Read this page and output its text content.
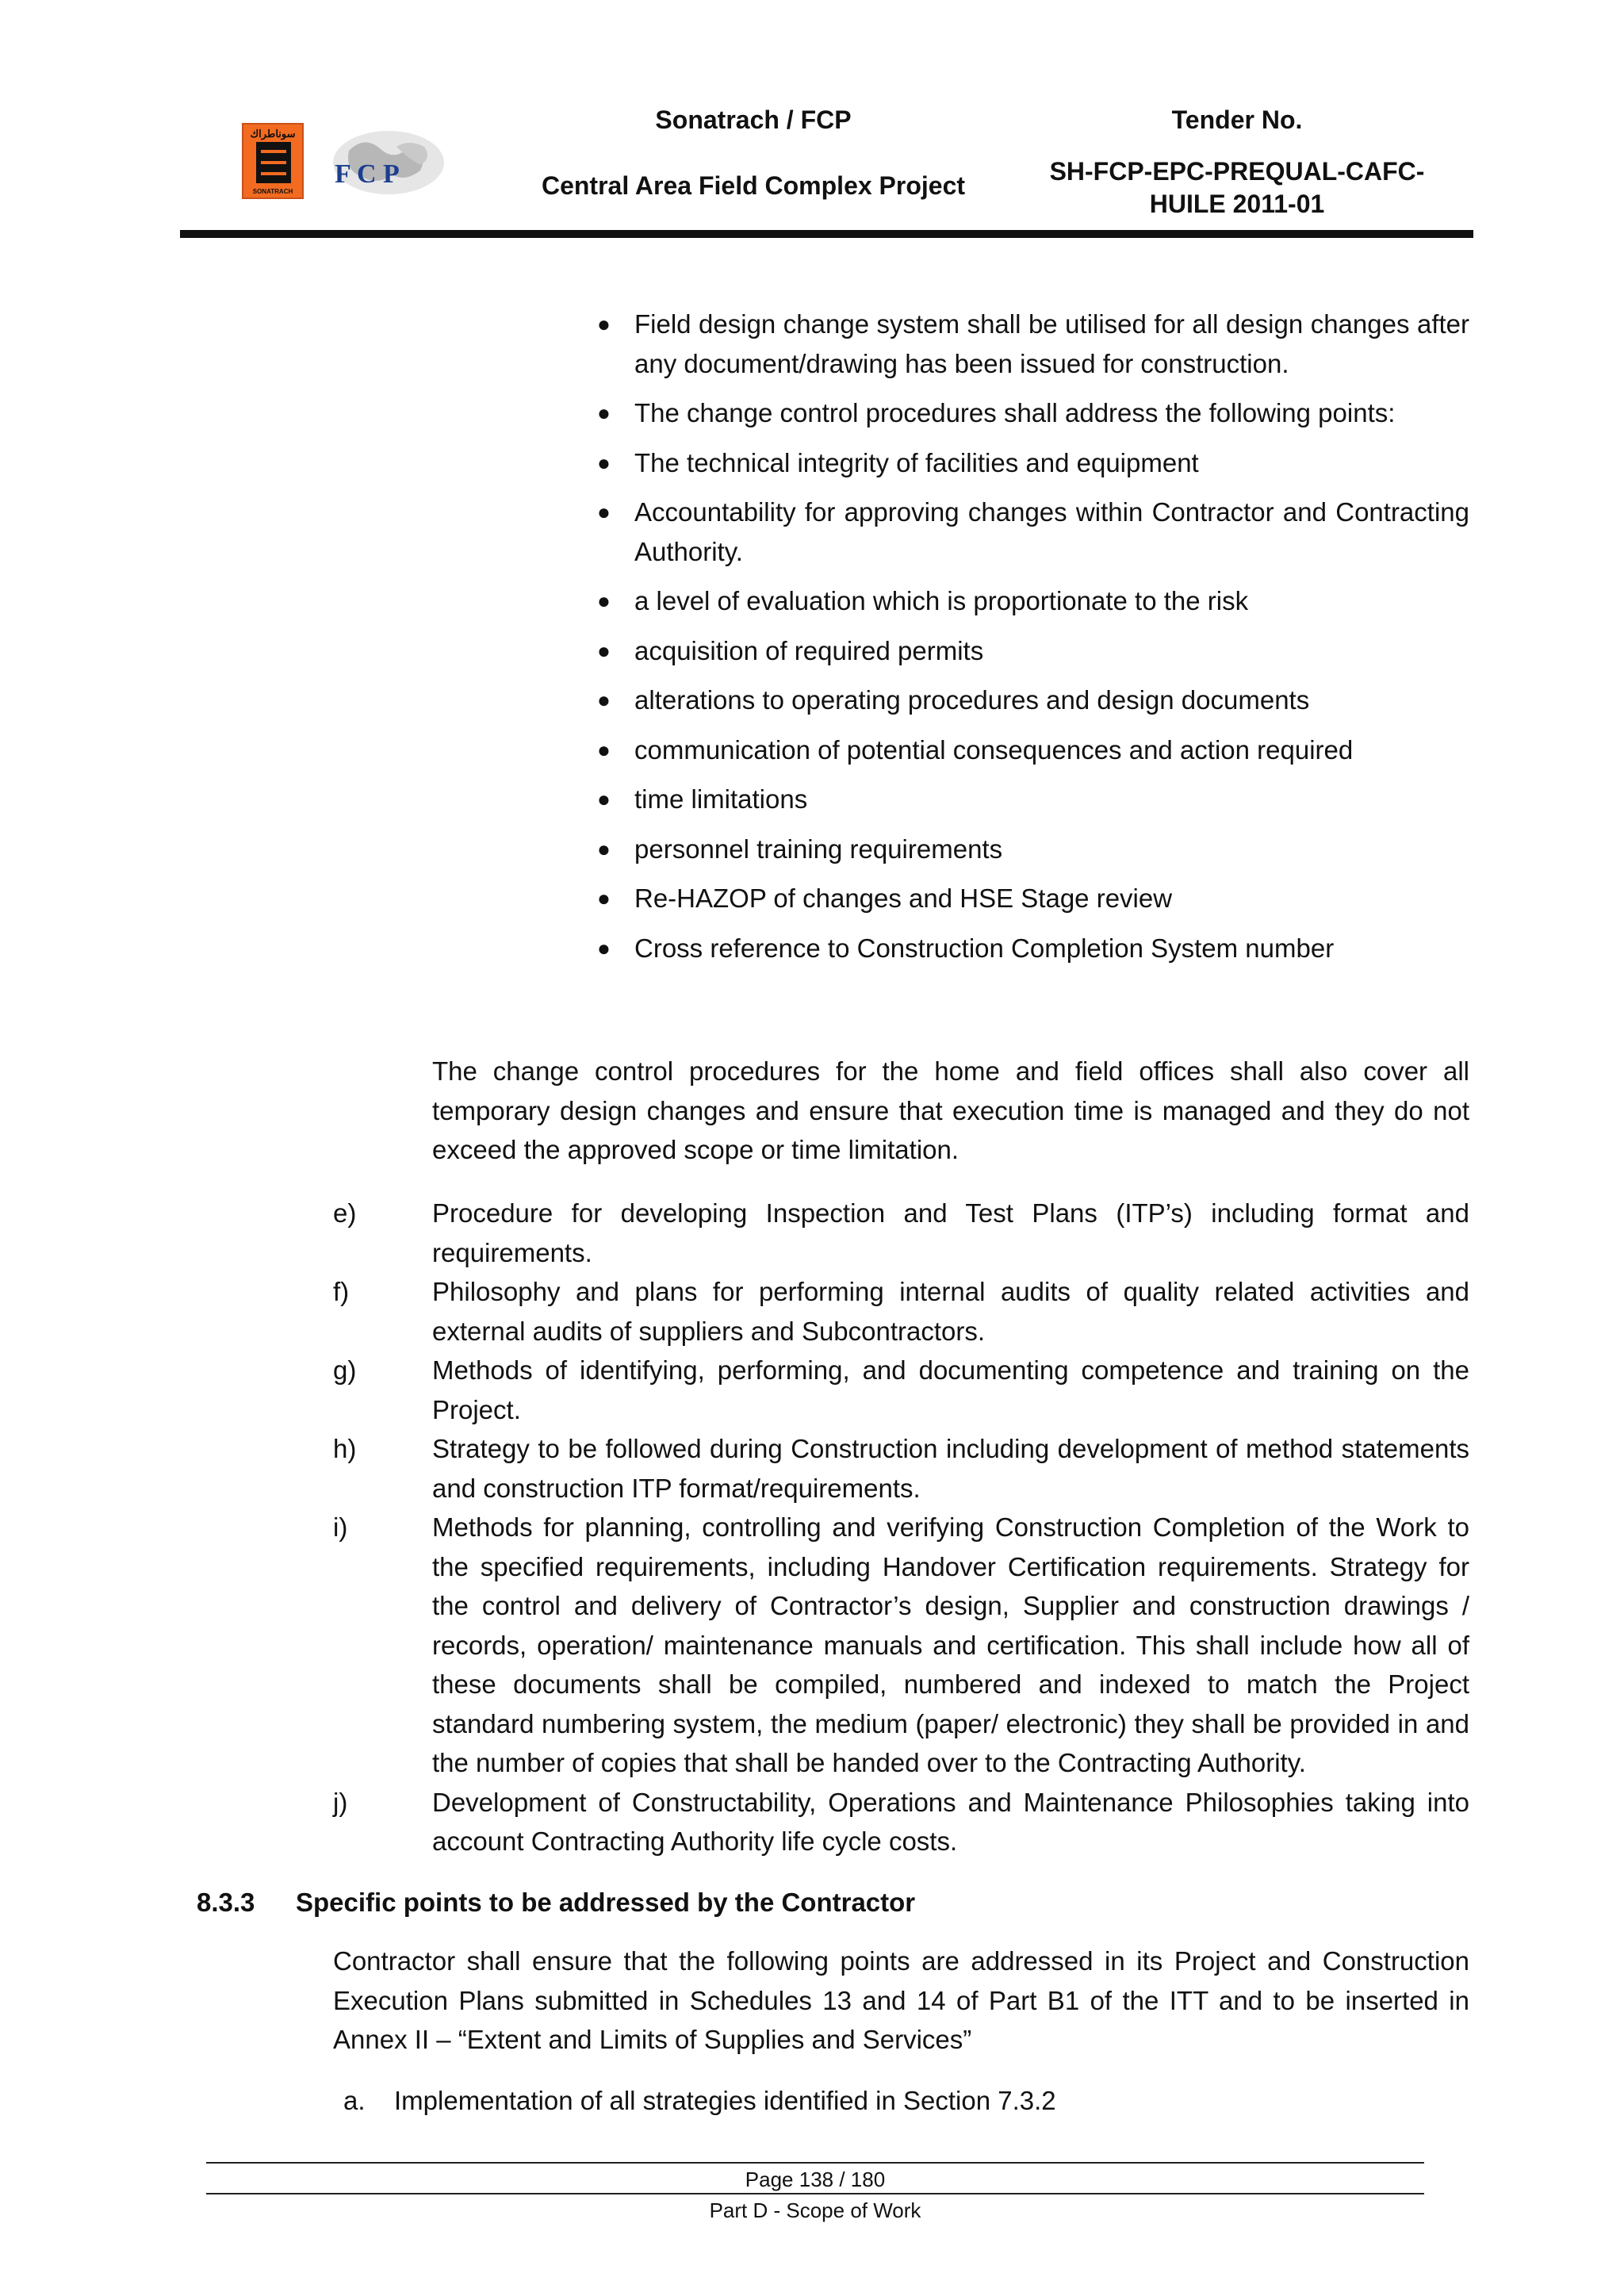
سوناطراك
SONATRACH
F C P
Sonatrach / FCP
Central Area Field Complex Project
Tender No.
SH-FCP-EPC-PREQUAL-CAFC-HUILE 2011-01
● Field design change system shall be utilised for all design changes after any document/drawing has been issued for construction.
● The change control procedures shall address the following points:
● The technical integrity of facilities and equipment
● Accountability for approving changes within Contractor and Contracting Authority.
● a level of evaluation which is proportionate to the risk
● acquisition of required permits
● alterations to operating procedures and design documents
● communication of potential consequences and action required
● time limitations
● personnel training requirements
● Re-HAZOP of changes and HSE Stage review
● Cross reference to Construction Completion System number

The change control procedures for the home and field offices shall also cover all temporary design changes and ensure that execution time is managed and they do not exceed the approved scope or time limitation.

e)	Procedure for developing Inspection and Test Plans (ITP’s) including format and requirements.
f)	Philosophy and plans for performing internal audits of quality related activities and external audits of suppliers and Subcontractors.
g)	Methods of identifying, performing, and documenting competence and training on the Project.
h)	Strategy to be followed during Construction including development of method statements and construction ITP format/requirements.
i)	Methods for planning, controlling and verifying Construction Completion of the Work to the specified requirements, including Handover Certification requirements. Strategy for the control and delivery of Contractor’s design, Supplier and construction drawings / records, operation/ maintenance manuals and certification. This shall include how all of these documents shall be compiled, numbered and indexed to match the Project standard numbering system, the medium (paper/ electronic) they shall be provided in and the number of copies that shall be handed over to the Contracting Authority.
j)	Development of Constructability, Operations and Maintenance Philosophies taking into account Contracting Authority life cycle costs.
8.3.3 Specific points to be addressed by the Contractor

Contractor shall ensure that the following points are addressed in its Project and Construction Execution Plans submitted in Schedules 13 and 14 of Part B1 of the ITT and to be inserted in Annex II – “Extent and Limits of Supplies and Services”

a. Implementation of all strategies identified in Section 7.3.2
Page 138 / 180
Part D - Scope of Work
